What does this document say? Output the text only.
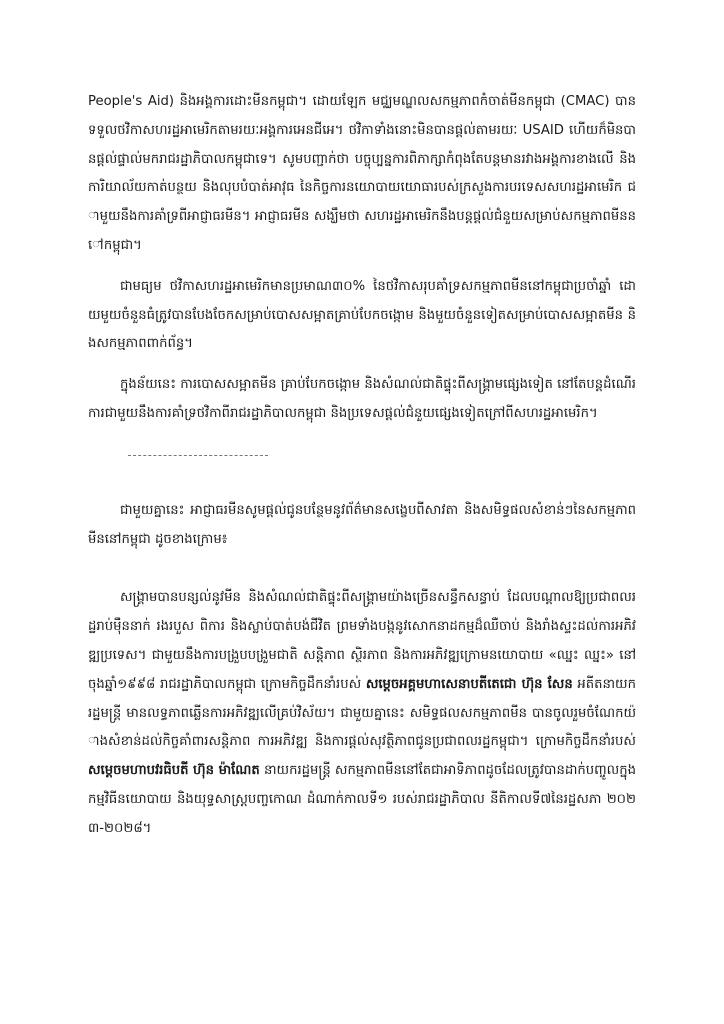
People's Aid) និងអង្គការដោះមីនកម្ពុជា។ ដោយឡែក មជ្ឈមណ្ឌលសកម្មភាពកំចាត់មីនកម្ពុជា (CMAC) បានទទួលថវិកាសហរដ្ឋអាមេរិកតាមរយៈអង្គការអេនជីអេ។ ថវិកាទាំងនោះមិនបានផ្តល់តាមរយៈ USAID ហើយក៏មិនបានផ្តល់ផ្ទាល់មករាជរដ្ឋាភិបាលកម្ពុជាទេ។ សូមបញ្ជាក់ថា បច្ចុប្បន្នការពិភាក្សាកំពុងតែបន្តមានរវាងអង្គការខាងលើ និងការិយាល័យកាត់បន្ថយ និងលុបបំបាត់អាវុធ នៃកិច្ចការនយោបាយយោធារបស់ក្រសួងការបរទេសសហរដ្ឋអាមេរិក ជាមួយនឹងការគាំទ្រពីអាជ្ញាធរមីន។ អាជ្ញាធរមីន សង្ឃឹមថា សហរដ្ឋអាមេរិកនឹងបន្តផ្តល់ជំនួយសម្រាប់សកម្មភាពមីននៅកម្ពុជា។

ជាមធ្យម ថវិកាសហរដ្ឋអាមេរិកមានប្រមាណ៣០% នៃថវិកាសរុបគាំទ្រសកម្មភាពមីននៅកម្ពុជាប្រចាំឆ្នាំ ដោយមួយចំនួនធំត្រូវបានបែងចែកសម្រាប់បោសសម្អាតគ្រាប់បែកចង្កោម និងមួយចំនួនទៀតសម្រាប់បោសសម្អាតមីន និងសកម្មភាពពាក់ព័ន្ធ។

ក្នុងន័យនេះ ការបោសសម្អាតមីន គ្រាប់បែកចង្កោម និងសំណល់ជាតិផ្ទុះពីសង្គ្រាមផ្សេងទៀត នៅតែបន្តដំណើរការជាមួយនឹងការគាំទ្រថវិកាពីរាជរដ្ឋាភិបាលកម្ពុជា និងប្រទេសផ្តល់ជំនួយផ្សេងទៀតក្រៅពីសហរដ្ឋអាមេរិក។

ជាមួយគ្នានេះ អាជ្ញាធរមីនសូមផ្តល់ជូនបន្ថែមនូវព័ត៌មានសង្ខេបពីសាវតា និងសមិទ្ធផលសំខាន់ៗនៃសកម្មភាពមីននៅកម្ពុជា ដូចខាងក្រោម៖

សង្គ្រាមបានបន្សល់នូវមីន និងសំណល់ជាតិផ្ទុះពីសង្គ្រាមយ៉ាងច្រើនសន្ធឹកសន្ធាប់ ដែលបណ្តាលឱ្យប្រជាពលរដ្ឋរាប់ម៉ឺននាក់ រងរបួស ពិការ និងស្លាប់បាត់បង់ជីវិត ព្រមទាំងបង្កនូវសោកនាដកម្មដ៏ឈឺចាប់ និងរាំងស្ទះដល់ការអភិវឌ្ឍប្រទេស។ ជាមួយនឹងការបង្រួបបង្រួមជាតិ សន្តិភាព ស្ថិរភាព និងការអភិវឌ្ឍក្រោមនយោបាយ «ឈ្នះ ឈ្នះ» នៅចុងឆ្នាំ១៩៩៨ រាជរដ្ឋាភិបាលកម្ពុជា ក្រោមកិច្ចដឹកនាំរបស់ សម្តេចអគ្គមហាសេនាបតីតេជោ ហ៊ុន សែន អតីតនាយករដ្ឋមន្ត្រី មានលទ្ធភាពឆ្លើនការអភិវឌ្ឍលើគ្រប់វិស័យ។ ជាមួយគ្នានេះ សមិទ្ធផលសកម្មភាពមីន បានចូលរួមចំណែកយ៉ាងសំខាន់ដល់កិច្ចគាំពារសន្តិភាព ការអភិវឌ្ឍ និងការផ្តល់សុវត្ថិភាពជូនប្រជាពលរដ្ឋកម្ពុជា។ ក្រោមកិច្ចដឹកនាំរបស់ សម្តេចមហាបវរធិបតី ហ៊ុន ម៉ាណែត នាយករដ្ឋមន្ត្រី សកម្មភាពមីននៅតែជាអាទិភាពដូចដែលត្រូវបានដាក់បញ្ចូលក្នុង កម្មវិធីនយោបាយ និងយុទ្ធសាស្ត្របញ្ចកោណ ដំណាក់កាលទី១ របស់រាជរដ្ឋាភិបាល នីតិកាលទី៧នៃរដ្ឋសភា ២០២៣-២០២៨។
